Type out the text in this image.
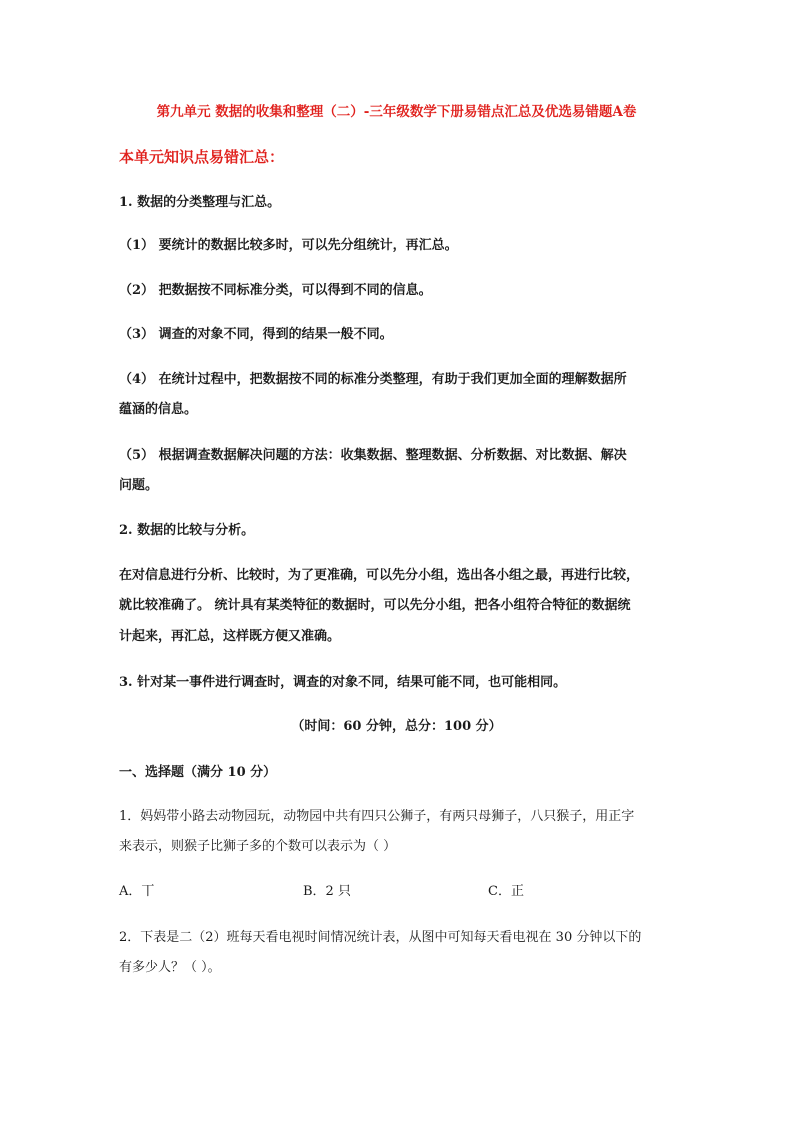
第九单元 数据的收集和整理（二）-三年级数学下册易错点汇总及优选易错题A卷
本单元知识点易错汇总：
1. 数据的分类整理与汇总。
（1） 要统计的数据比较多时，可以先分组统计，再汇总。
（2） 把数据按不同标准分类，可以得到不同的信息。
（3） 调查的对象不同，得到的结果一般不同。
（4） 在统计过程中，把数据按不同的标准分类整理，有助于我们更加全面的理解数据所
蕴涵的信息。
（5） 根据调查数据解决问题的方法：收集数据、整理数据、分析数据、对比数据、解决
问题。
2. 数据的比较与分析。
在对信息进行分析、比较时，为了更准确，可以先分小组，选出各小组之最，再进行比较，
就比较准确了。 统计具有某类特征的数据时，可以先分小组，把各小组符合特征的数据统
计起来，再汇总，这样既方便又准确。
3. 针对某一事件进行调查时，调查的对象不同，结果可能不同，也可能相同。
（时间：60 分钟，总分：100 分）
一、选择题（满分 10 分）
1．妈妈带小路去动物园玩，动物园中共有四只公狮子，有两只母狮子，八只猴子，用正字
来表示，则猴子比狮子多的个数可以表示为（ ）
A．丅	B．2 只	C．正
2．下表是二（2）班每天看电视时间情况统计表，从图中可知每天看电视在 30 分钟以下的
有多少人？（ ）。
